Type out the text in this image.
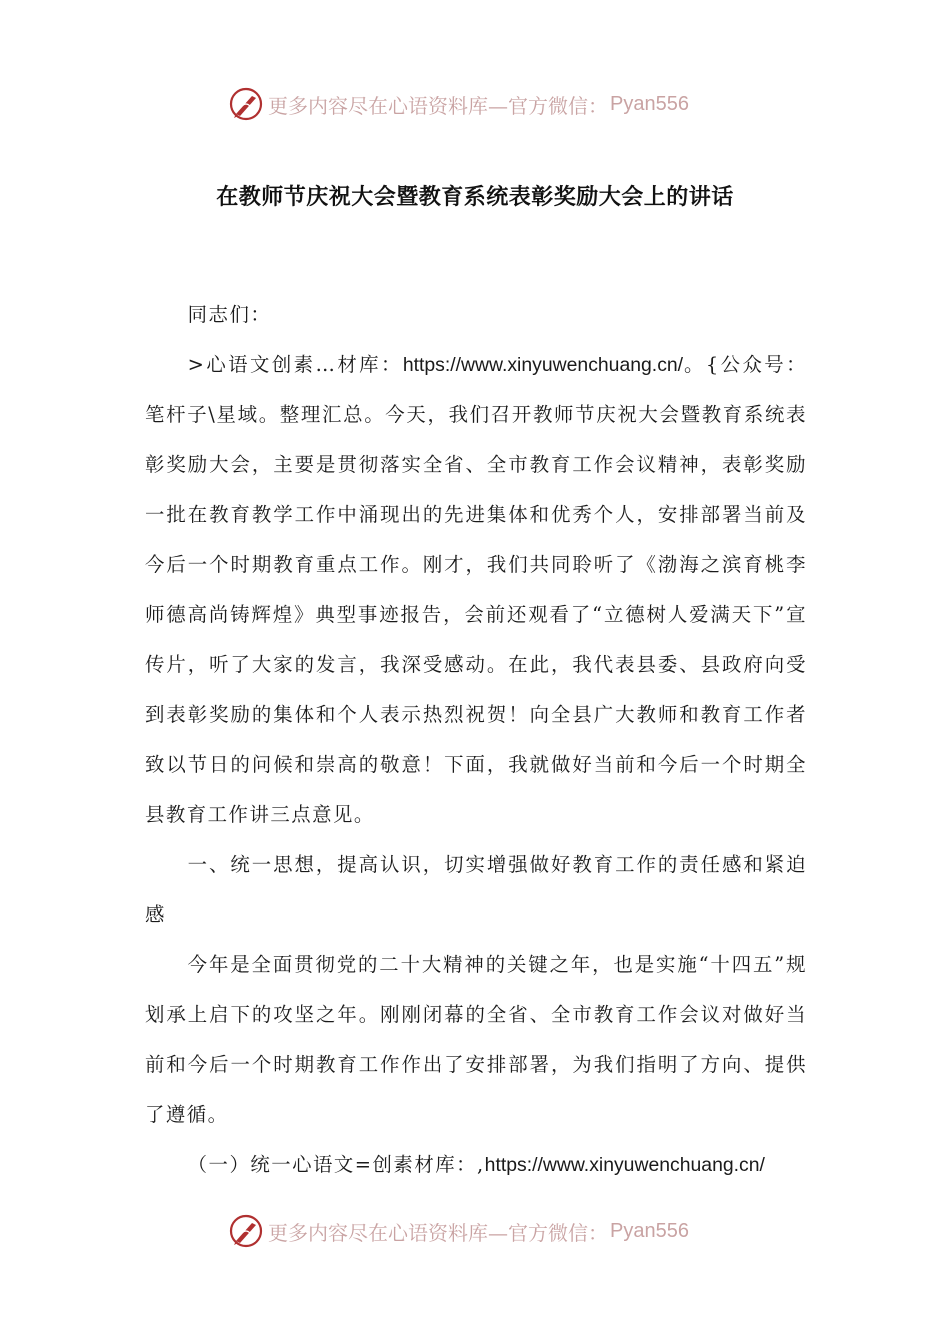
更多内容尽在心语资料库—官方微信： Pyan556
在教师节庆祝大会暨教育系统表彰奖励大会上的讲话

同志们：

>心语文创素…材库：https://www.xinyuwenchuang.cn/。{公众号：笔杆子\星域。整理汇总。今天，我们召开教师节庆祝大会暨教育系统表彰奖励大会，主要是贯彻落实全省、全市教育工作会议精神，表彰奖励一批在教育教学工作中涌现出的先进集体和优秀个人，安排部署当前及今后一个时期教育重点工作。刚才，我们共同聆听了《渤海之滨育桃李师德高尚铸辉煌》典型事迹报告，会前还观看了“立德树人爱满天下”宣传片，听了大家的发言，我深受感动。在此，我代表县委、县政府向受到表彰奖励的集体和个人表示热烈祝贺！向全县广大教师和教育工作者致以节日的问候和崇高的敬意！下面，我就做好当前和今后一个时期全县教育工作讲三点意见。

一、统一思想，提高认识，切实增强做好教育工作的责任感和紧迫感

今年是全面贯彻党的二十大精神的关键之年，也是实施“十四五”规划承上启下的攻坚之年。刚刚闭幕的全省、全市教育工作会议对做好当前和今后一个时期教育工作作出了安排部署，为我们指明了方向、提供了遵循。

（一）统一心语文=创素材库：,https://www.xinyuwenchuang.cn/

更多内容尽在心语资料库—官方微信： Pyan556
